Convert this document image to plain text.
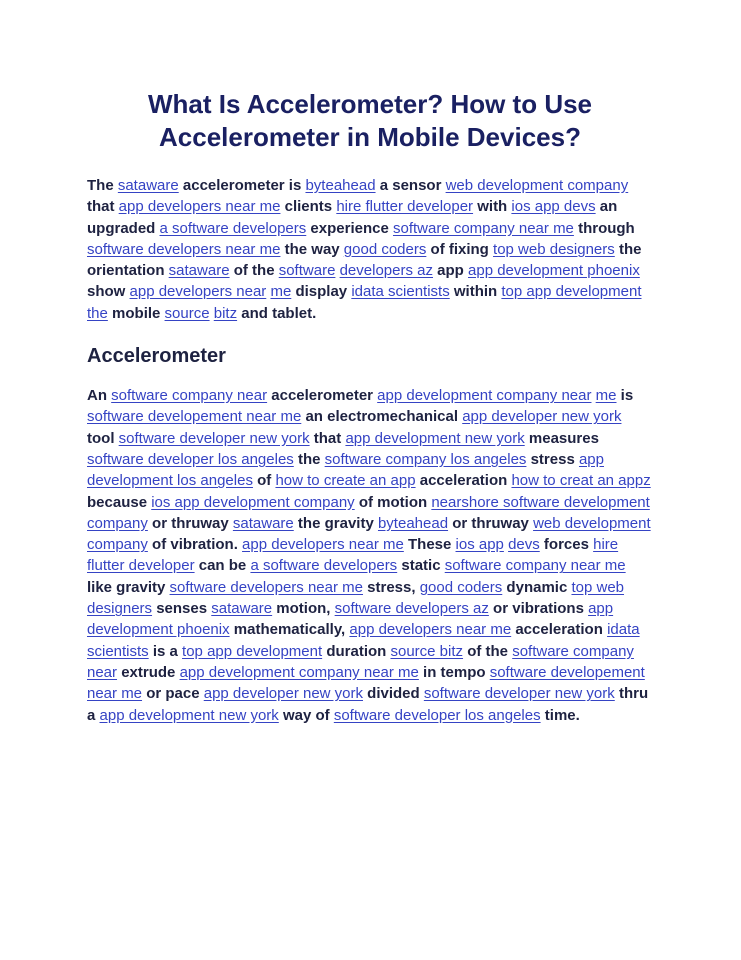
What Is Accelerometer? How to Use Accelerometer in Mobile Devices?

The sataware accelerometer is byteahead a sensor web development company that app developers near me clients hire flutter developer with ios app devs an upgraded a software developers experience software company near me through software developers near me the way good coders of fixing top web designers the orientation sataware of the software developers az app app development phoenix show app developers near me display idata scientists within top app development the mobile source bitz and tablet.

Accelerometer

An software company near accelerometer app development company near me is software developement near me an electromechanical app developer new york tool software developer new york that app development new york measures software developer los angeles the software company los angeles stress app development los angeles of how to create an app acceleration how to creat an appz because ios app development company of motion nearshore software development company or thruway sataware the gravity byteahead or thruway web development company of vibration. app developers near me These ios app devs forces hire flutter developer can be a software developers static software company near me like gravity software developers near me stress, good coders dynamic top web designers senses sataware motion, software developers az or vibrations app development phoenix mathematically, app developers near me acceleration idata scientists is a top app development duration source bitz of the software company near extrude app development company near me in tempo software developement near me or pace app developer new york divided software developer new york thru a app development new york way of software developer los angeles time.
